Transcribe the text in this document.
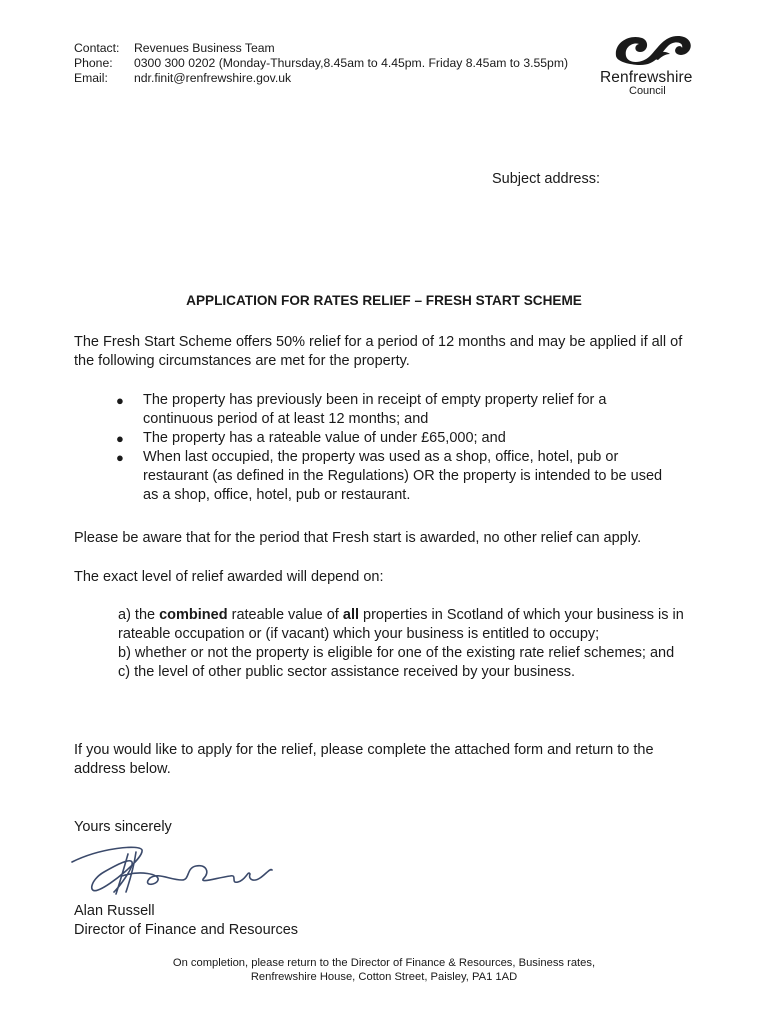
Contact:	Revenues Business Team
Phone:	0300 300 0202 (Monday-Thursday,8.45am to 4.45pm. Friday 8.45am to 3.55pm)
Email:	ndr.finit@renfrewshire.gov.uk	Renfrewshire
Council
Subject address:
APPLICATION FOR RATES RELIEF – FRESH START SCHEME
The Fresh Start Scheme offers 50% relief for a period of 12 months and may be applied if all of the following circumstances are met for the property.
●	The property has previously been in receipt of empty property relief for a continuous period of at least 12 months; and
●	The property has a rateable value of under £65,000; and
●	When last occupied, the property was used as a shop, office, hotel, pub or restaurant (as defined in the Regulations) OR the property is intended to be used as a shop, office, hotel, pub or restaurant.
Please be aware that for the period that Fresh start is awarded, no other relief can apply.
The exact level of relief awarded will depend on:
a) the combined rateable value of all properties in Scotland of which your business is in rateable occupation or (if vacant) which your business is entitled to occupy;
b) whether or not the property is eligible for one of the existing rate relief schemes; and
c) the level of other public sector assistance received by your business.
If you would like to apply for the relief, please complete the attached form and return to the address below.
Yours sincerely
Alan Russell
Director of Finance and Resources
On completion, please return to the Director of Finance & Resources, Business rates,
Renfrewshire House, Cotton Street, Paisley, PA1 1AD
